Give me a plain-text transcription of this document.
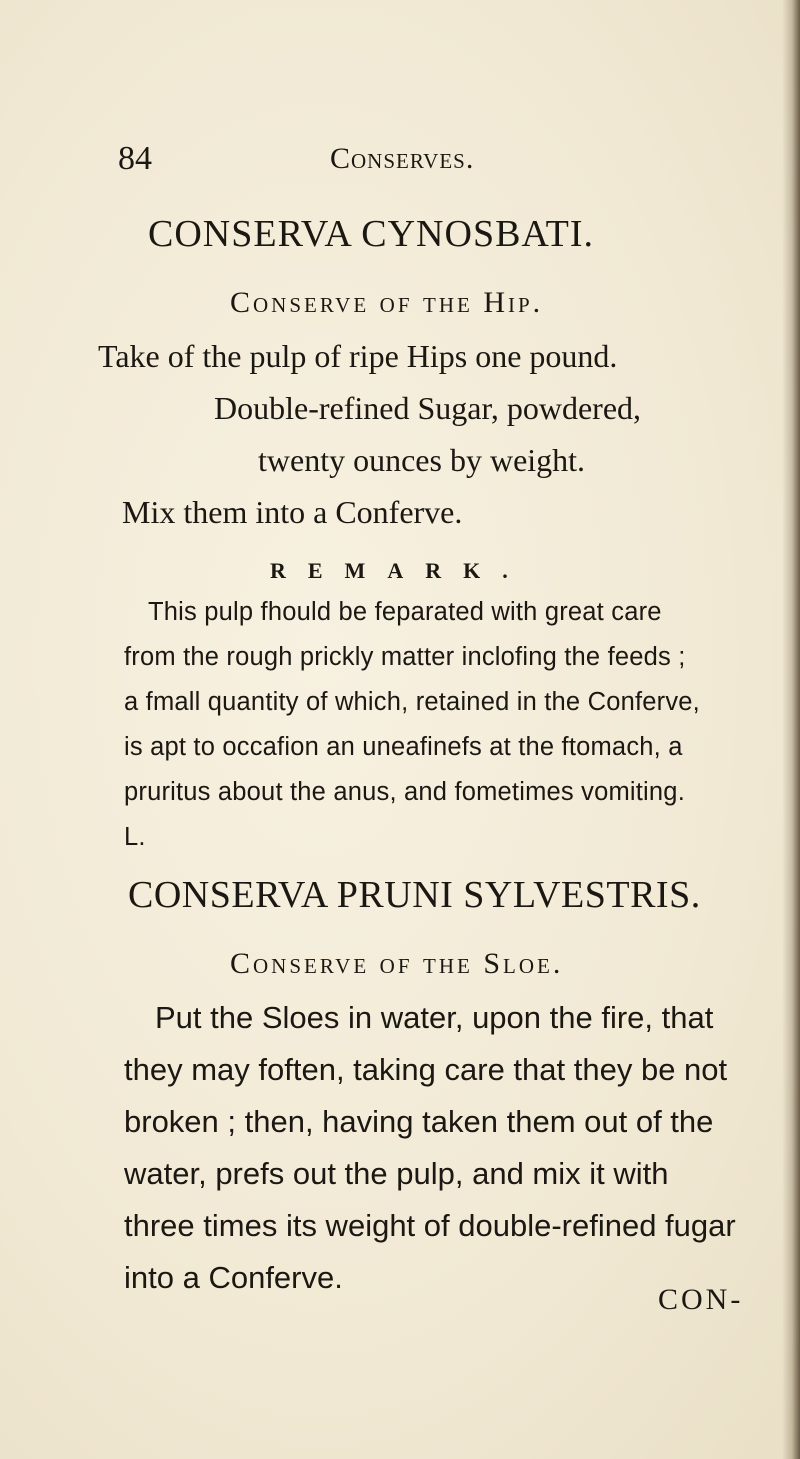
84	Conserves.
CONSERVA CYNOSBATI.
Conserve of the Hip.
Take of the pulp of ripe Hips one pound.
Double-refined Sugar, powdered,
twenty ounces by weight.
Mix them into a Conferve.
REMARK.
This pulp fhould be feparated with great care
from the rough prickly matter inclofing the feeds ;
a fmall quantity of which, retained in the Conferve,
is apt to occafion an uneafinefs at the ftomach, a
pruritus about the anus, and fometimes vomiting.
L.
CONSERVA PRUNI SYLVESTRIS.
Conserve of the Sloe.
Put the Sloes in water, upon the fire, that
they may foften, taking care that they be not
broken ; then, having taken them out of the
water, prefs out the pulp, and mix it with
three times its weight of double-refined fugar
into a Conferve.
CON-
